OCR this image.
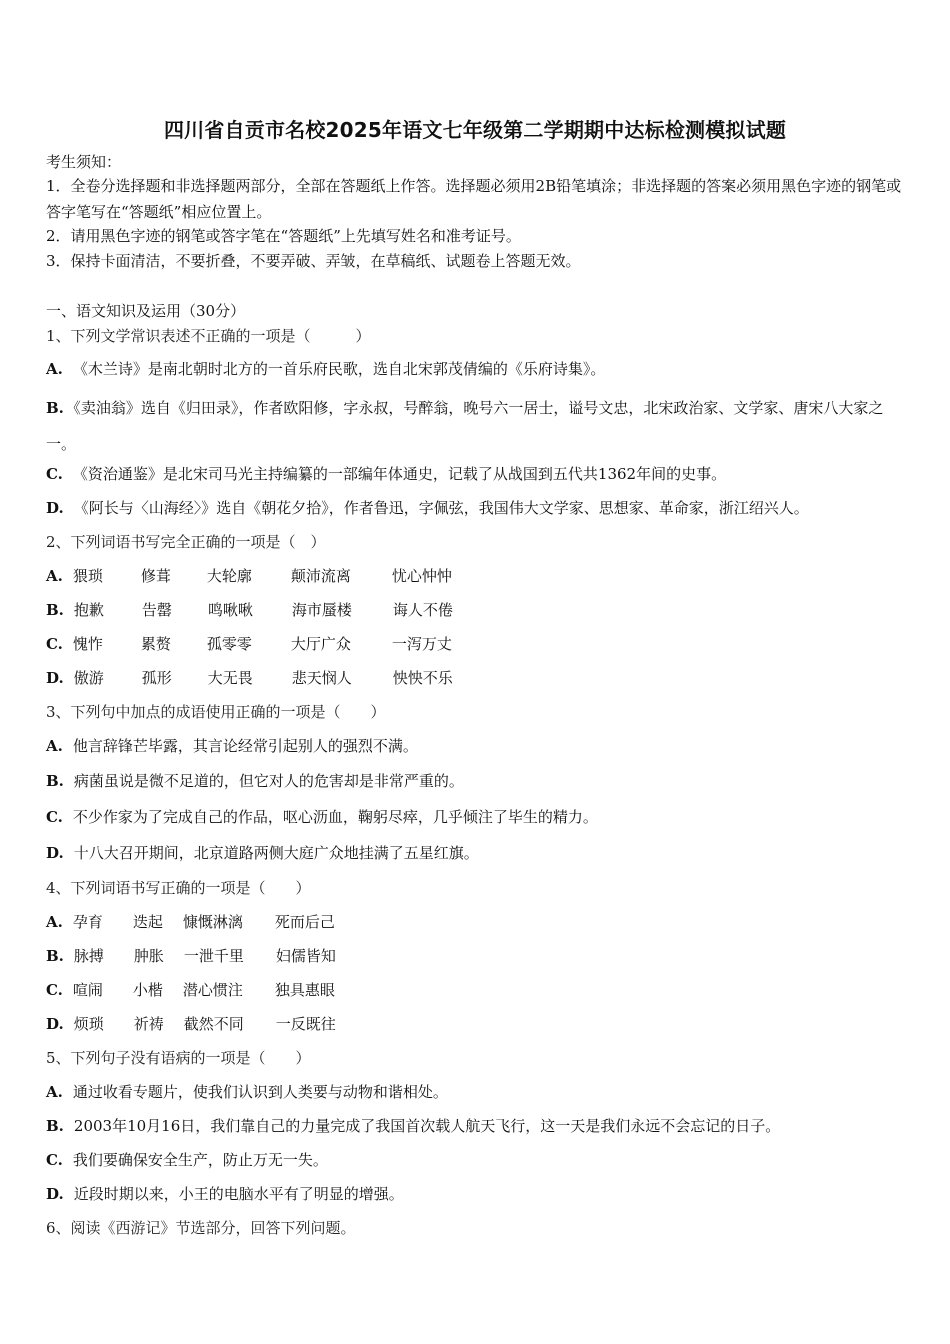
四川省自贡市名校2025年语文七年级第二学期期中达标检测模拟试题
考生须知：
1．全卷分选择题和非选择题两部分，全部在答题纸上作答。选择题必须用2B铅笔填涂；非选择题的答案必须用黑色字迹的钢笔或答字笔写在“答题纸”相应位置上。
2．请用黑色字迹的钢笔或答字笔在“答题纸”上先填写姓名和准考证号。
3．保持卡面清洁，不要折叠，不要弄破、弄皱，在草稿纸、试题卷上答题无效。
一、语文知识及运用（30分）
1、下列文学常识表述不正确的一项是（　　　）
A. 《木兰诗》是南北朝时北方的一首乐府民歌，选自北宋郭茂倩编的《乐府诗集》。
B. 《卖油翁》选自《归田录》，作者欧阳修，字永叔，号醉翁，晚号六一居士，谥号文忠，北宋政治家、文学家、唐宋八大家之一。
C. 《资治通鉴》是北宋司马光主持编纂的一部编年体通史，记载了从战国到五代共1362年间的史事。
D. 《阿长与〈山海经〉》选自《朝花夕拾》，作者鲁迅，字佩弦，我国伟大文学家、思想家、革命家，浙江绍兴人。
2、下列词语书写完全正确的一项是（　）
A. 猥琐	修葺 大轮廓	颠沛流离	忧心忡忡
B. 抱歉	告罄 鸣啾啾	海市蜃楼	诲人不倦
C. 愧怍	累赘 孤零零	大厅广众	一泻万丈
D. 傲游	孤形 大无畏	悲天悯人	怏怏不乐
3、下列句中加点的成语使用正确的一项是（　　）
A. 他言辞锋芒毕露，其言论经常引起别人的强烈不满。
B. 病菌虽说是微不足道的，但它对人的危害却是非常严重的。
C. 不少作家为了完成自己的作品，呕心沥血，鞠躬尽瘁，几乎倾注了毕生的精力。
D. 十八大召开期间，北京道路两侧大庭广众地挂满了五星红旗。
4、下列词语书写正确的一项是（　　）
A. 孕育 迭起 慷慨淋漓 死而后己
B. 脉搏 肿胀 一泄千里 妇儒皆知
C. 喧闹 小楷 潜心惯注 独具惠眼
D. 烦琐 祈祷 截然不同 一反既往
5、下列句子没有语病的一项是（　　）
A. 通过收看专题片，使我们认识到人类要与动物和谐相处。
B. 2003年10月16日，我们靠自己的力量完成了我国首次载人航天飞行，这一天是我们永远不会忘记的日子。
C. 我们要确保安全生产，防止万无一失。
D. 近段时期以来，小王的电脑水平有了明显的增强。
6、阅读《西游记》节选部分，回答下列问题。
